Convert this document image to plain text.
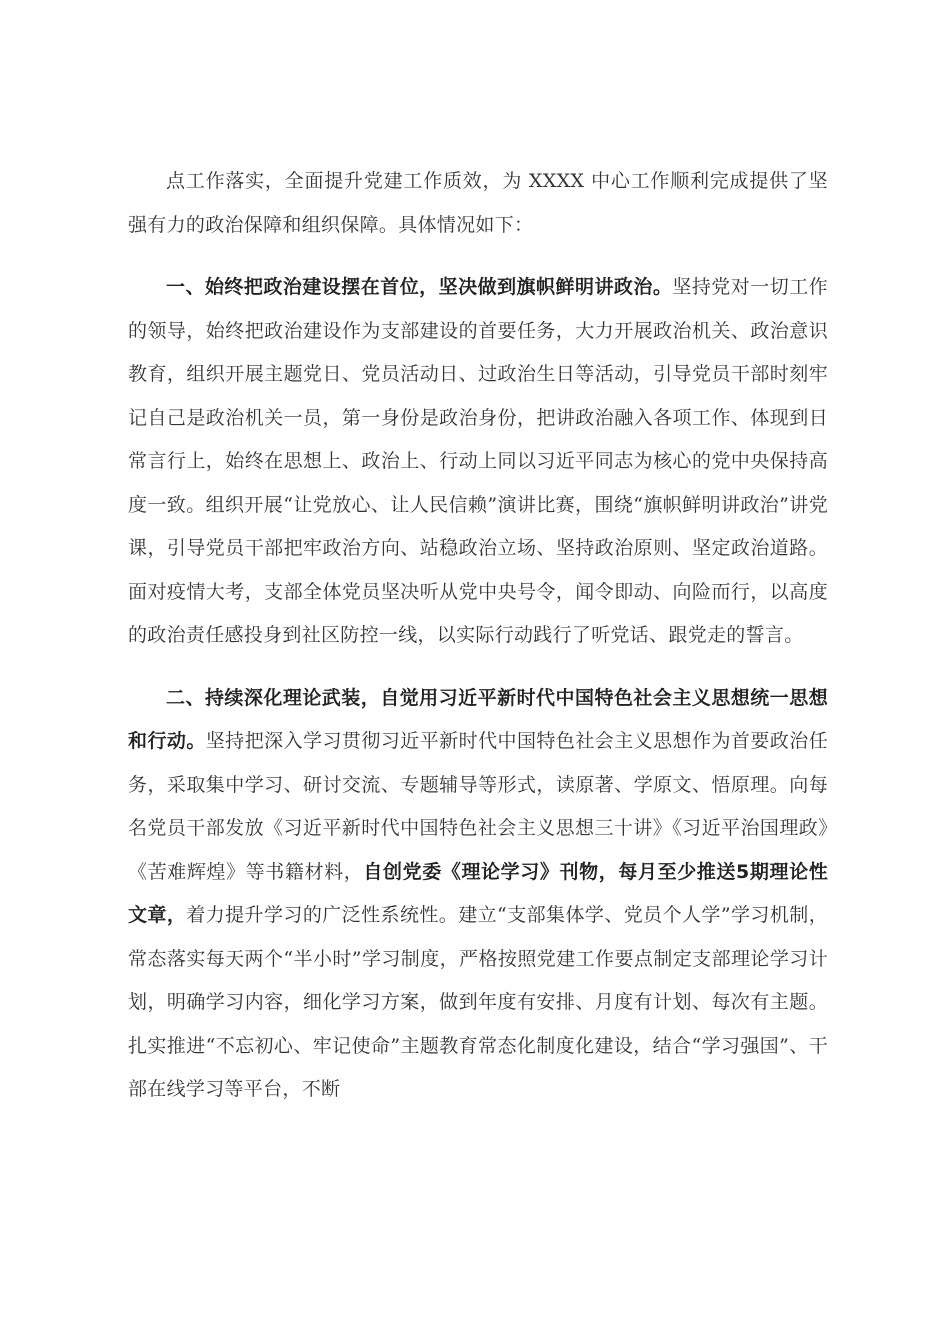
点工作落实，全面提升党建工作质效，为 XXXX 中心工作顺利完成提供了坚强有力的政治保障和组织保障。具体情况如下：

一、始终把政治建设摆在首位，坚决做到旗帜鲜明讲政治。坚持党对一切工作的领导，始终把政治建设作为支部建设的首要任务，大力开展政治机关、政治意识教育，组织开展主题党日、党员活动日、过政治生日等活动，引导党员干部时刻牢记自己是政治机关一员，第一身份是政治身份，把讲政治融入各项工作、体现到日常言行上，始终在思想上、政治上、行动上同以习近平同志为核心的党中央保持高度一致。组织开展“让党放心、让人民信赖”演讲比赛，围绕“旗帜鲜明讲政治”讲党课，引导党员干部把牢政治方向、站稳政治立场、坚持政治原则、坚定政治道路。面对疫情大考，支部全体党员坚决听从党中央号令，闻令即动、向险而行，以高度的政治责任感投身到社区防控一线，以实际行动践行了听党话、跟党走的誓言。

二、持续深化理论武装，自觉用习近平新时代中国特色社会主义思想统一思想和行动。坚持把深入学习贯彻习近平新时代中国特色社会主义思想作为首要政治任务，采取集中学习、研讨交流、专题辅导等形式，读原著、学原文、悟原理。向每名党员干部发放《习近平新时代中国特色社会主义思想三十讲》《习近平治国理政》《苦难辉煌》等书籍材料，自创党委《理论学习》刊物，每月至少推送5期理论性文章，着力提升学习的广泛性系统性。建立“支部集体学、党员个人学”学习机制，常态落实每天两个“半小时”学习制度，严格按照党建工作要点制定支部理论学习计划，明确学习内容，细化学习方案，做到年度有安排、月度有计划、每次有主题。扎实推进“不忘初心、牢记使命”主题教育常态化制度化建设，结合“学习强国”、干部在线学习等平台，不断
